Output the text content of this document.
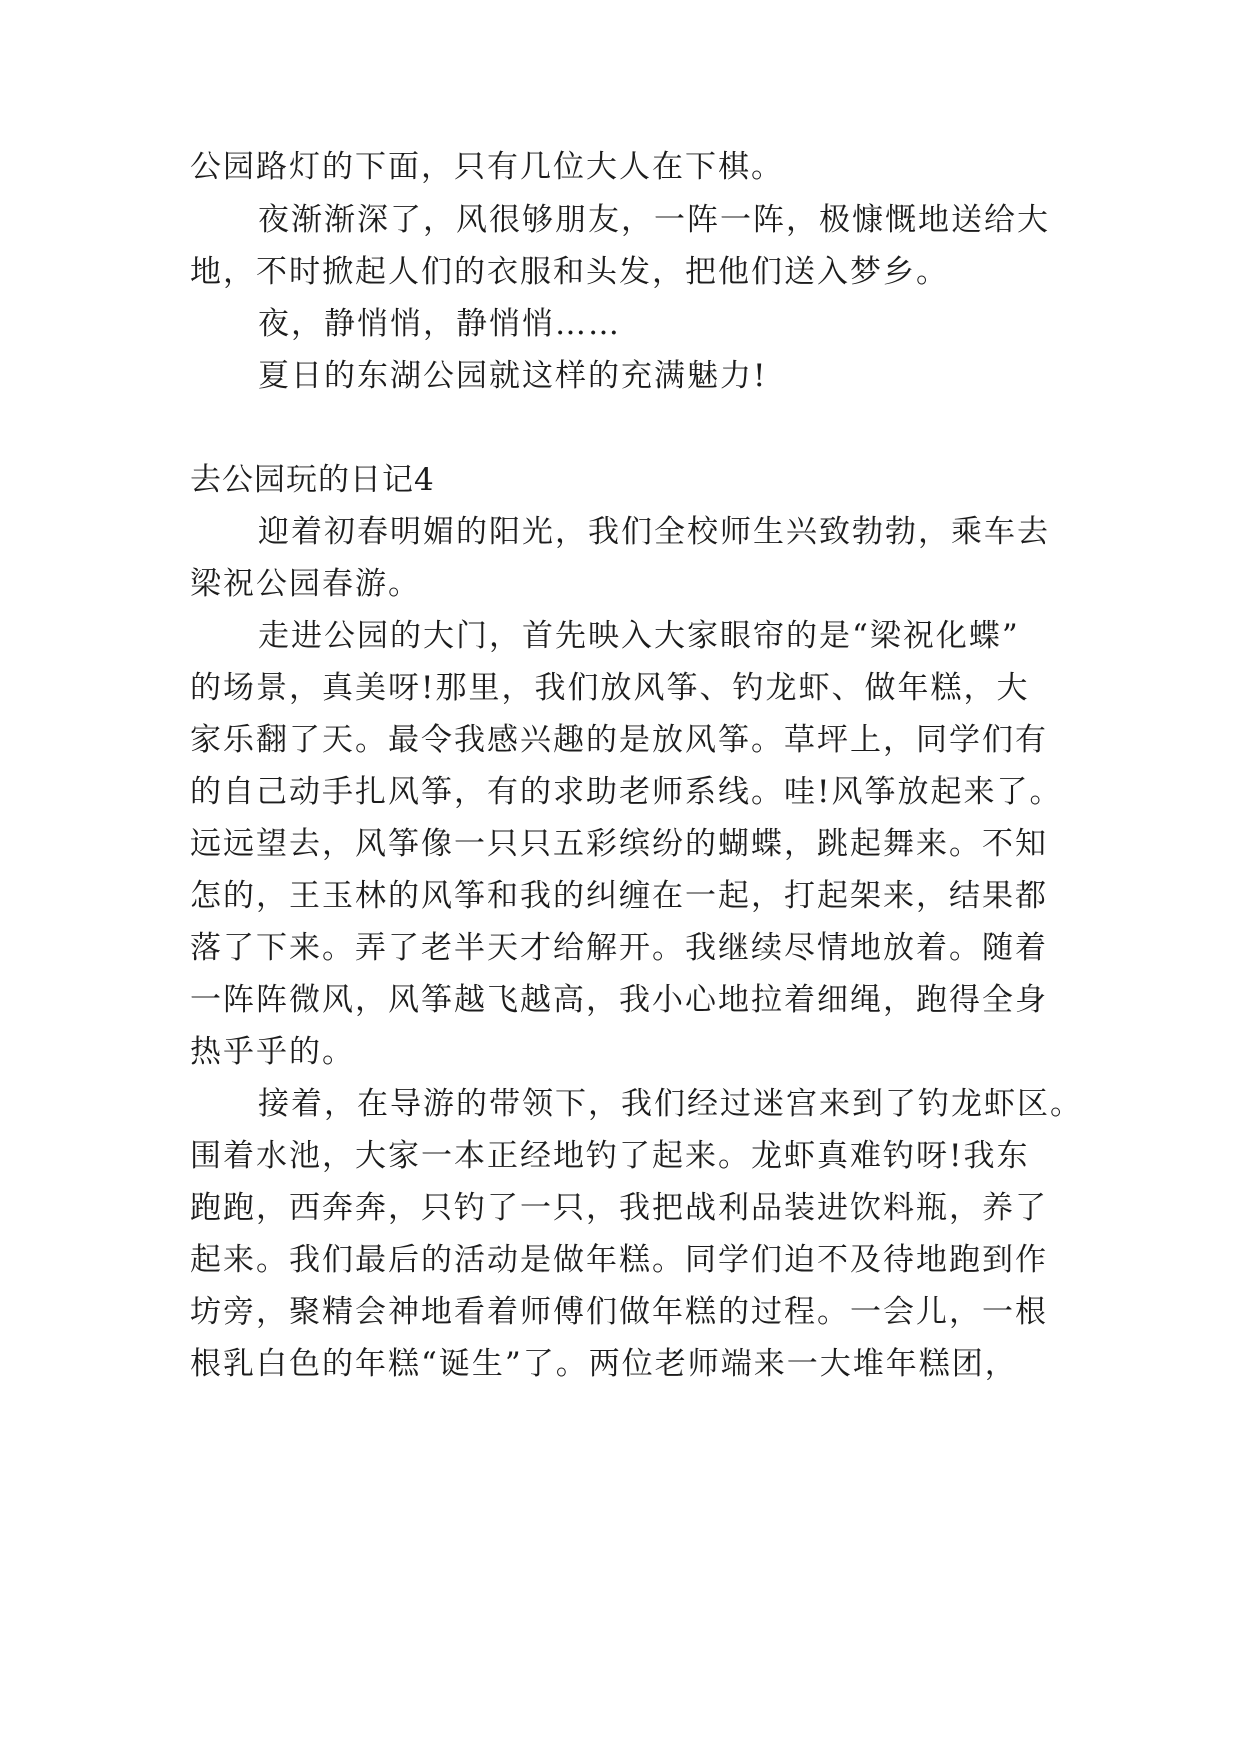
公园路灯的下面，只有几位大人在下棋。
夜渐渐深了，风很够朋友，一阵一阵，极慷慨地送给大
地，不时掀起人们的衣服和头发，把他们送入梦乡。
夜，静悄悄，静悄悄……
夏日的东湖公园就这样的充满魅力!
去公园玩的日记4
迎着初春明媚的阳光，我们全校师生兴致勃勃，乘车去
梁祝公园春游。
走进公园的大门，首先映入大家眼帘的是“梁祝化蝶”
的场景，真美呀!那里，我们放风筝、钓龙虾、做年糕，大
家乐翻了天。最令我感兴趣的是放风筝。草坪上，同学们有
的自己动手扎风筝，有的求助老师系线。哇!风筝放起来了。
远远望去，风筝像一只只五彩缤纷的蝴蝶，跳起舞来。不知
怎的，王玉林的风筝和我的纠缠在一起，打起架来，结果都
落了下来。弄了老半天才给解开。我继续尽情地放着。随着
一阵阵微风，风筝越飞越高，我小心地拉着细绳，跑得全身
热乎乎的。
接着，在导游的带领下，我们经过迷宫来到了钓龙虾区。
围着水池，大家一本正经地钓了起来。龙虾真难钓呀!我东
跑跑，西奔奔，只钓了一只，我把战利品装进饮料瓶，养了
起来。我们最后的活动是做年糕。同学们迫不及待地跑到作
坊旁，聚精会神地看着师傅们做年糕的过程。一会儿，一根
根乳白色的年糕“诞生”了。两位老师端来一大堆年糕团，
